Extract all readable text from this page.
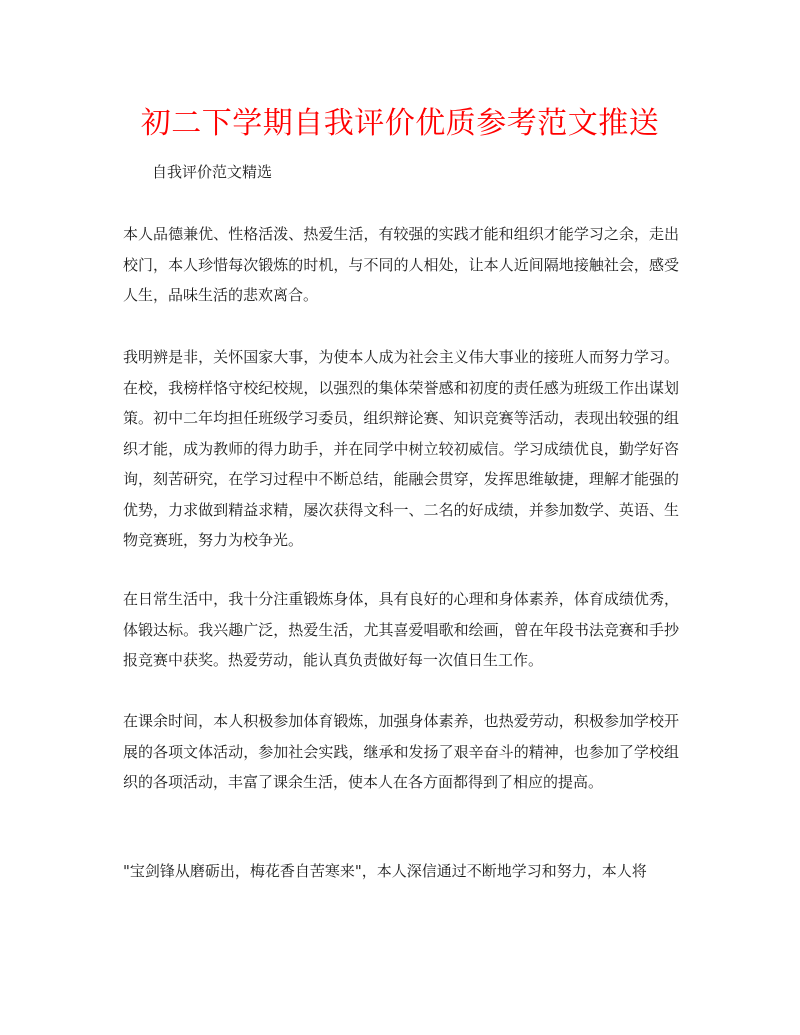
初二下学期自我评价优质参考范文推送

自我评价范文精选

本人品德兼优、性格活泼、热爱生活，有较强的实践才能和组织才能学习之余，走出校门，本人珍惜每次锻炼的时机，与不同的人相处，让本人近间隔地接触社会，感受人生，品味生活的悲欢离合。

我明辨是非，关怀国家大事，为使本人成为社会主义伟大事业的接班人而努力学习。在校，我榜样恪守校纪校规，以强烈的集体荣誉感和初度的责任感为班级工作出谋划策。初中二年均担任班级学习委员，组织辩论赛、知识竞赛等活动，表现出较强的组织才能，成为教师的得力助手，并在同学中树立较初威信。学习成绩优良，勤学好咨询，刻苦研究，在学习过程中不断总结，能融会贯穿，发挥思维敏捷，理解才能强的优势，力求做到精益求精，屡次获得文科一、二名的好成绩，并参加数学、英语、生物竞赛班，努力为校争光。

在日常生活中，我十分注重锻炼身体，具有良好的心理和身体素养，体育成绩优秀，体锻达标。我兴趣广泛，热爱生活，尤其喜爱唱歌和绘画，曾在年段书法竞赛和手抄报竞赛中获奖。热爱劳动，能认真负责做好每一次值日生工作。

在课余时间，本人积极参加体育锻炼，加强身体素养，也热爱劳动，积极参加学校开展的各项文体活动，参加社会实践，继承和发扬了艰辛奋斗的精神，也参加了学校组织的各项活动，丰富了课余生活，使本人在各方面都得到了相应的提高。

"宝剑锋从磨砺出，梅花香自苦寒来"，本人深信通过不断地学习和努力，本人将
